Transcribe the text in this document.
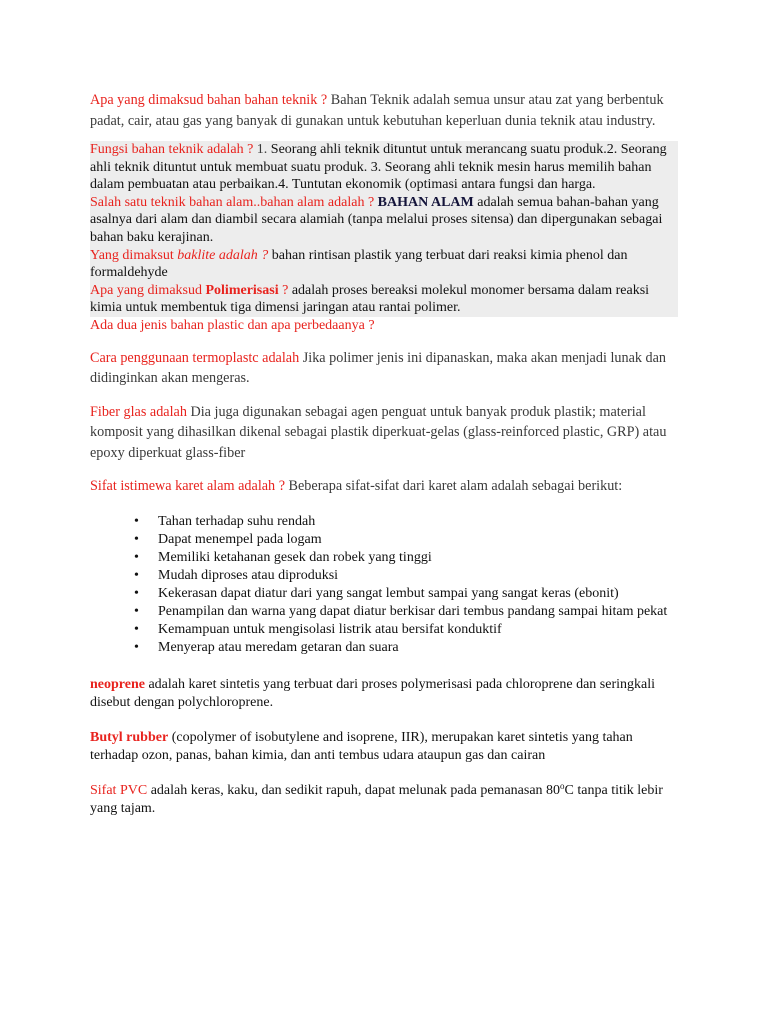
Apa yang dimaksud bahan bahan teknik ? Bahan Teknik adalah semua unsur atau zat yang berbentuk padat, cair, atau gas yang banyak di gunakan untuk kebutuhan keperluan dunia teknik atau industry.

Fungsi bahan teknik adalah ? 1. Seorang ahli teknik dituntut untuk merancang suatu produk.2. Seorang ahli teknik dituntut untuk membuat suatu produk. 3. Seorang ahli teknik mesin harus memilih bahan dalam pembuatan atau perbaikan.4. Tuntutan ekonomik (optimasi antara fungsi dan harga.
Salah satu teknik bahan alam..bahan alam adalah ? BAHAN ALAM adalah semua bahan-bahan yang asalnya dari alam dan diambil secara alamiah (tanpa melalui proses sitensa) dan dipergunakan sebagai bahan baku kerajinan.
Yang dimaksut baklite adalah ? bahan rintisan plastik yang terbuat dari reaksi kimia phenol dan formaldehyde
Apa yang dimaksud Polimerisasi ? adalah proses bereaksi molekul monomer bersama dalam reaksi kimia untuk membentuk tiga dimensi jaringan atau rantai polimer.

Ada dua jenis bahan plastic dan apa perbedaanya ?

Cara penggunaan termoplastc adalah Jika polimer jenis ini dipanaskan, maka akan menjadi lunak dan didinginkan akan mengeras.

Fiber glas adalah Dia juga digunakan sebagai agen penguat untuk banyak produk plastik; material komposit yang dihasilkan dikenal sebagai plastik diperkuat-gelas (glass-reinforced plastic, GRP) atau epoxy diperkuat glass-fiber

Sifat istimewa karet alam adalah ? Beberapa sifat-sifat dari karet alam adalah sebagai berikut:

• Tahan terhadap suhu rendah
• Dapat menempel pada logam
• Memiliki ketahanan gesek dan robek yang tinggi
• Mudah diproses atau diproduksi
• Kekerasan dapat diatur dari yang sangat lembut sampai yang sangat keras (ebonit)
• Penampilan dan warna yang dapat diatur berkisar dari tembus pandang sampai hitam pekat
• Kemampuan untuk mengisolasi listrik atau bersifat konduktif
• Menyerap atau meredam getaran dan suara

neoprene adalah karet sintetis yang terbuat dari proses polymerisasi pada chloroprene dan seringkali disebut dengan polychloroprene.

Butyl rubber (copolymer of isobutylene and isoprene, IIR), merupakan karet sintetis yang tahan terhadap ozon, panas, bahan kimia, dan anti tembus udara ataupun gas dan cairan

Sifat PVC adalah keras, kaku, dan sedikit rapuh, dapat melunak pada pemanasan 80$^o$C tanpa titik lebir yang tajam.
